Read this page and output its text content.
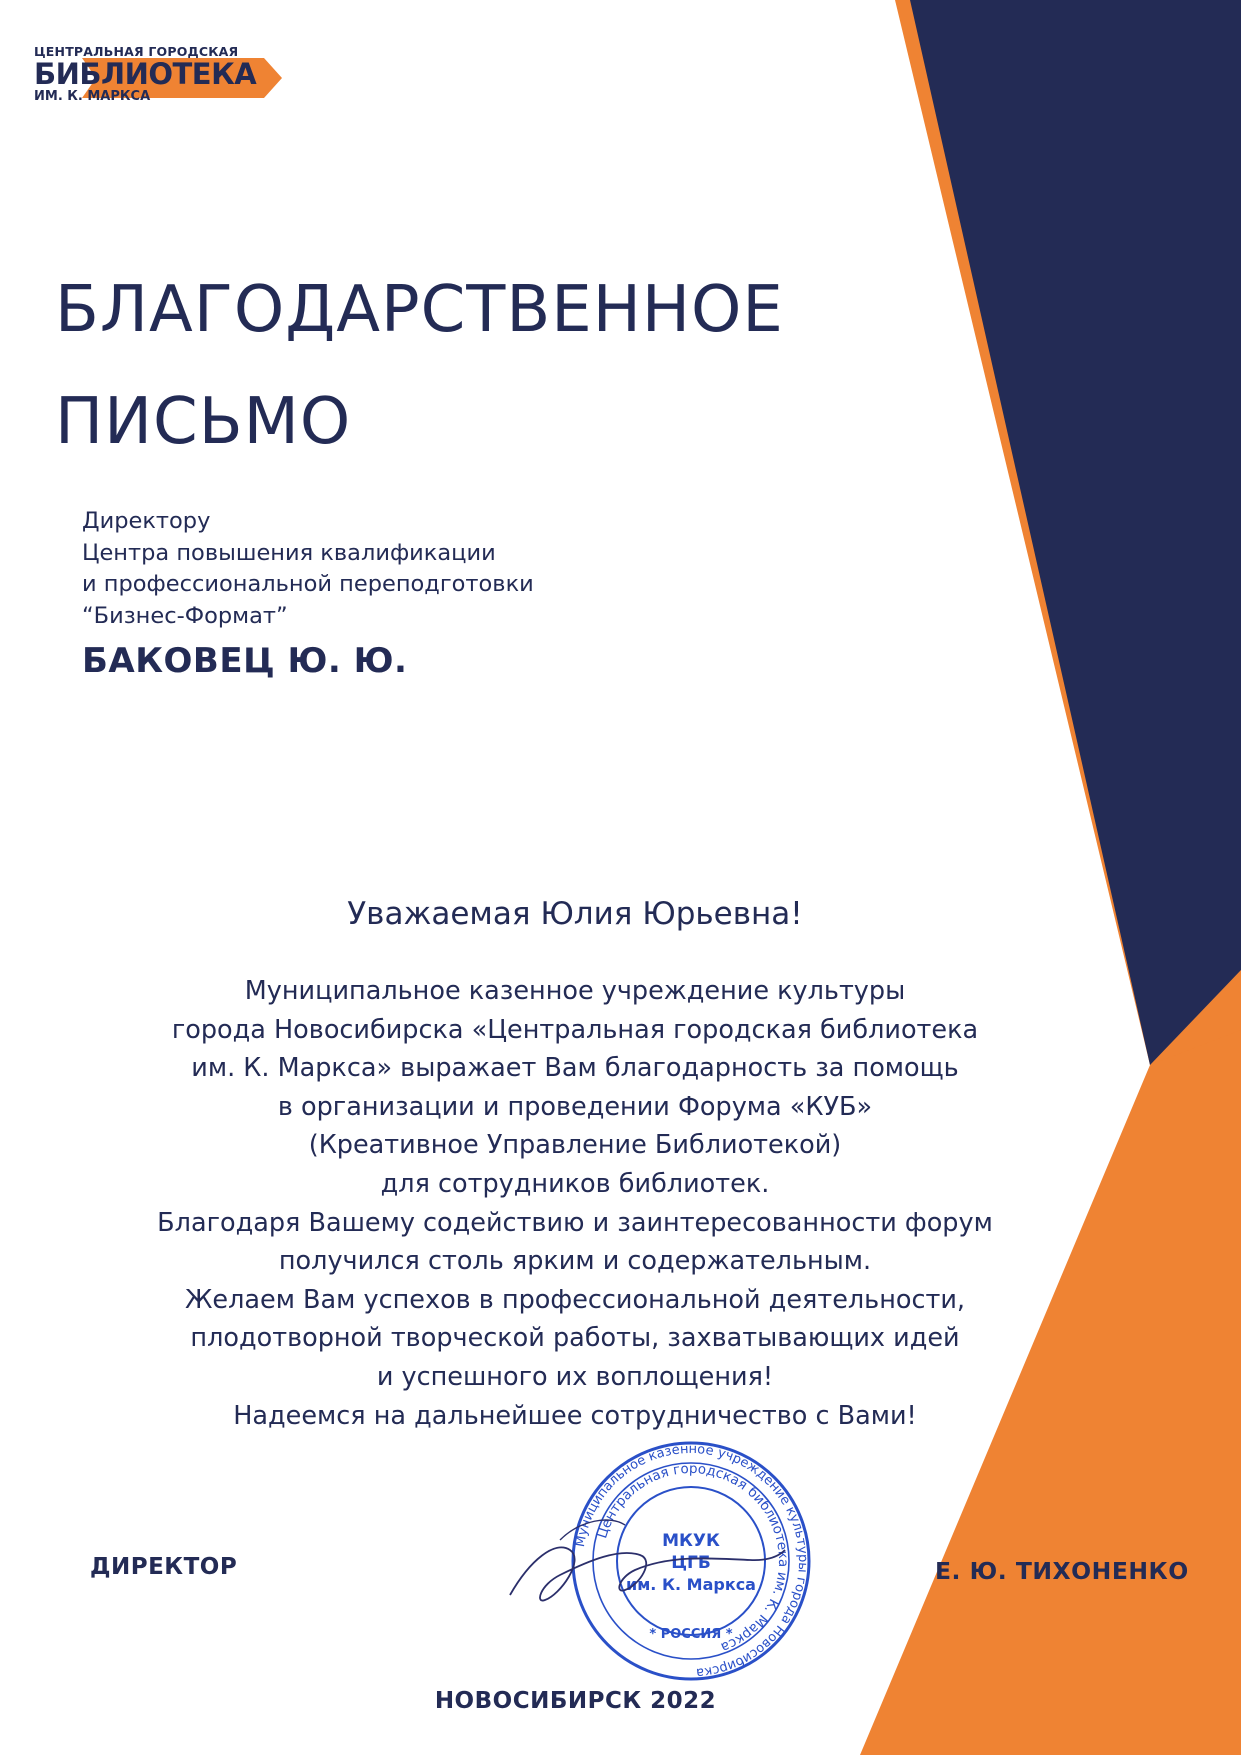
ЦЕНТРАЛЬНАЯ ГОРОДСКАЯ
БИБЛИОТЕКА
ИМ. К. МАРКСА
БЛАГОДАРСТВЕННОЕ
ПИСЬМО
Директору
Центра повышения квалификации
и профессиональной переподготовки
“Бизнес-Формат”
БАКОВЕЦ Ю. Ю.
Уважаемая Юлия Юрьевна!
Муниципальное казенное учреждение культуры
города Новосибирска «Центральная городская библиотека
им. К. Маркса» выражает Вам благодарность за помощь
в организации и проведении Форума «КУБ»
(Креативное Управление Библиотекой)
для сотрудников библиотек.
Благодаря Вашему содействию и заинтересованности форум
получился столь ярким и содержательным.
Желаем Вам успехов в профессиональной деятельности,
плодотворной творческой работы, захватывающих идей
и успешного их воплощения!
Надеемся на дальнейшее сотрудничество с Вами!
Муниципальное казенное учреждение культуры города Новосибирска
Центральная городская библиотека им. К. Маркса
МКУК
ЦГБ
им. К. Маркса
* РОССИЯ *
ДИРЕКТОР	Е. Ю. ТИХОНЕНКО
НОВОСИБИРСК 2022
